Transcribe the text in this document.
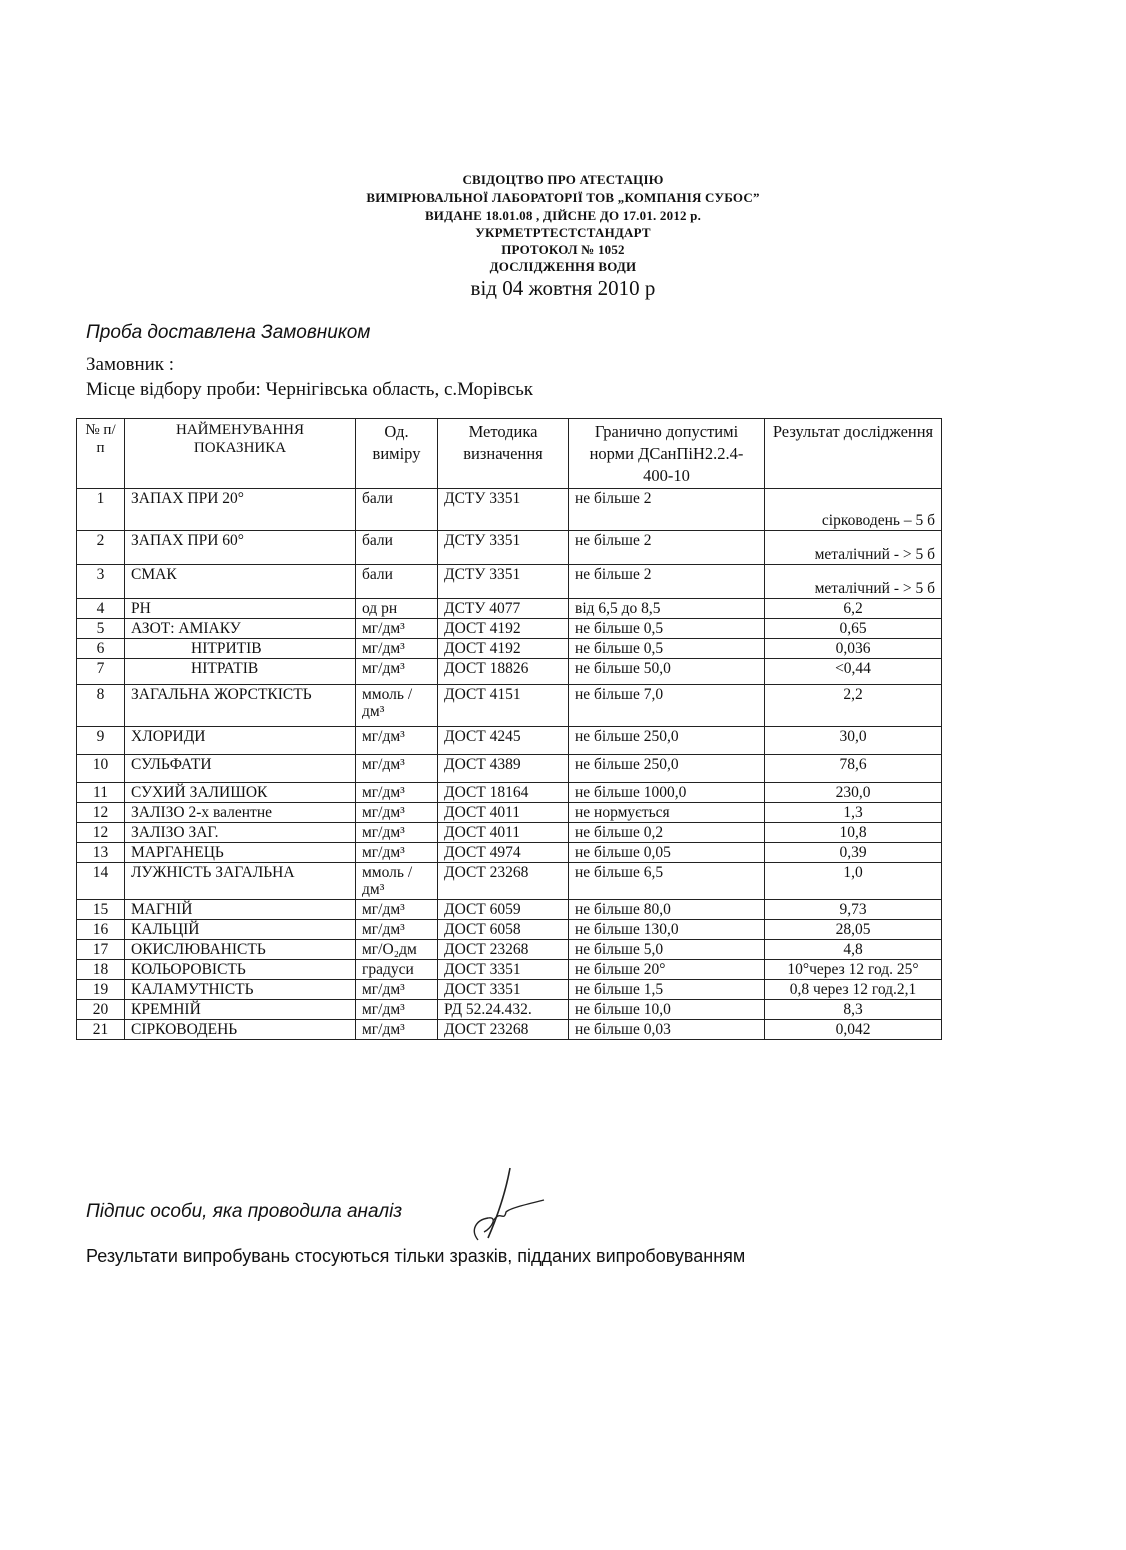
СВІДОЦТВО ПРО АТЕСТАЦІЮ
ВИМІРЮВАЛЬНОЇ ЛАБОРАТОРІЇ ТОВ „КОМПАНІЯ СУБОС”
ВИДАНЕ 18.01.08 , ДІЙСНЕ ДО 17.01. 2012 р.
УКРМЕТРТЕСТСТАНДАРТ
ПРОТОКОЛ № 1052
ДОСЛІДЖЕННЯ ВОДИ
від 04 жовтня 2010 р
Проба доставлена Замовником
Замовник :
Місце відбору проби: Чернігівська область, с.Морівськ
№ п/п	НАЙМЕНУВАННЯ ПОКАЗНИКА	Од. виміру	Методика визначення	Гранично допустимі норми ДСанПіН2.2.4-400-10	Результат дослідження
1	ЗАПАХ ПРИ 20°	бали	ДСТУ 3351	не більше 2	сірководень – 5 б
2	ЗАПАХ ПРИ 60°	бали	ДСТУ 3351	не більше 2	металічний - > 5 б
3	СМАК	бали	ДСТУ 3351	не більше 2	металічний - > 5 б
4	PH	од рн	ДСТУ 4077	від 6,5 до 8,5	6,2
5	АЗОТ: АМІАКУ	мг/дм³	ДОСТ 4192	не більше 0,5	0,65
6	НІТРИТІВ	мг/дм³	ДОСТ 4192	не більше 0,5	0,036
7	НІТРАТІВ	мг/дм³	ДОСТ 18826	не більше 50,0	<0,44
8	ЗАГАЛЬНА ЖОРСТКІСТЬ	ммоль /дм³	ДОСТ 4151	не більше 7,0	2,2
9	ХЛОРИДИ	мг/дм³	ДОСТ 4245	не більше 250,0	30,0
10	СУЛЬФАТИ	мг/дм³	ДОСТ 4389	не більше 250,0	78,6
11	СУХИЙ ЗАЛИШОК	мг/дм³	ДОСТ 18164	не більше 1000,0	230,0
12	ЗАЛІЗО 2-х валентне	мг/дм³	ДОСТ 4011	не нормується	1,3
12	ЗАЛІЗО ЗАГ.	мг/дм³	ДОСТ 4011	не більше 0,2	10,8
13	МАРГАНЕЦЬ	мг/дм³	ДОСТ 4974	не більше 0,05	0,39
14	ЛУЖНІСТЬ ЗАГАЛЬНА	ммоль /дм³	ДОСТ 23268	не більше 6,5	1,0
15	МАГНІЙ	мг/дм³	ДОСТ 6059	не більше 80,0	9,73
16	КАЛЬЦІЙ	мг/дм³	ДОСТ 6058	не більше 130,0	28,05
17	ОКИСЛЮВАНІСТЬ	мг/О₂дм	ДОСТ 23268	не більше 5,0	4,8
18	КОЛЬОРОВІСТЬ	градуси	ДОСТ 3351	не більше 20°	10°через 12 год. 25°
19	КАЛАМУТНІСТЬ	мг/дм³	ДОСТ 3351	не більше 1,5	0,8 через 12 год.2,1
20	КРЕМНІЙ	мг/дм³	РД 52.24.432.	не більше 10,0	8,3
21	СІРКОВОДЕНЬ	мг/дм³	ДОСТ 23268	не більше 0,03	0,042
Підпис особи, яка проводила аналіз
Результати випробувань стосуються тільки зразків, підданих випробовуванням
